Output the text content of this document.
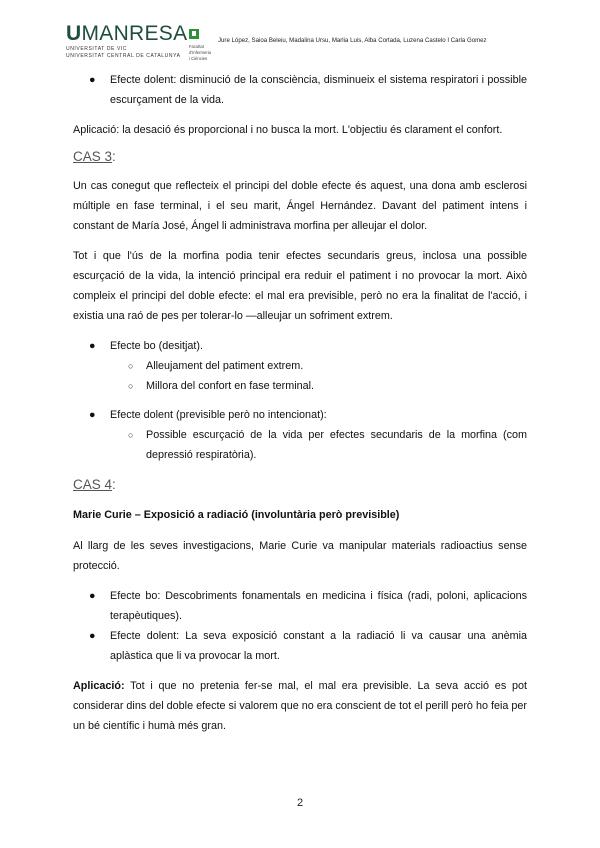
UMANRESA
UNIVERSITAT DE VIC
UNIVERSITAT CENTRAL DE CATALUNYA
Facultat
d'Infermeria
i Ciències
Jure López, Saioa Beleiu, Madalina Ursu, Marlia Luis, Alba Cortada, Luzena Castelo I Carla Gomez
● Efecte dolent: disminució de la consciència, disminueix el sistema respiratori i possible escurçament de la vida.

Aplicació: la desació és proporcional i no busca la mort. L'objectiu és clarament el confort.

CAS 3:

Un cas conegut que reflecteix el principi del doble efecte és aquest, una dona amb esclerosi múltiple en fase terminal, i el seu marit, Ángel Hernández. Davant del patiment intens i constant de María José, Ángel li administrava morfina per alleujar el dolor.

Tot i que l'ús de la morfina podia tenir efectes secundaris greus, inclosa una possible escurçació de la vida, la intenció principal era reduir el patiment i no provocar la mort. Això compleix el principi del doble efecte: el mal era previsible, però no era la finalitat de l'acció, i existia una raó de pes per tolerar-lo —alleujar un sofriment extrem.

● Efecte bo (desitjat).
○ Alleujament del patiment extrem.
○ Millora del confort en fase terminal.
● Efecte dolent (previsible però no intencionat):
○ Possible escurçació de la vida per efectes secundaris de la morfina (com depressió respiratòria).
CAS 4:

Marie Curie – Exposició a radiació (involuntària però previsible)

Al llarg de les seves investigacions, Marie Curie va manipular materials radioactius sense protecció.

● Efecte bo: Descobriments fonamentals en medicina i física (radi, poloni, aplicacions terapèutiques).
● Efecte dolent: La seva exposició constant a la radiació li va causar una anèmia aplàstica que li va provocar la mort.

Aplicació: Tot i que no pretenia fer-se mal, el mal era previsible. La seva acció es pot considerar dins del doble efecte si valorem que no era conscient de tot el perill però ho feia per un bé científic i humà més gran.

2
